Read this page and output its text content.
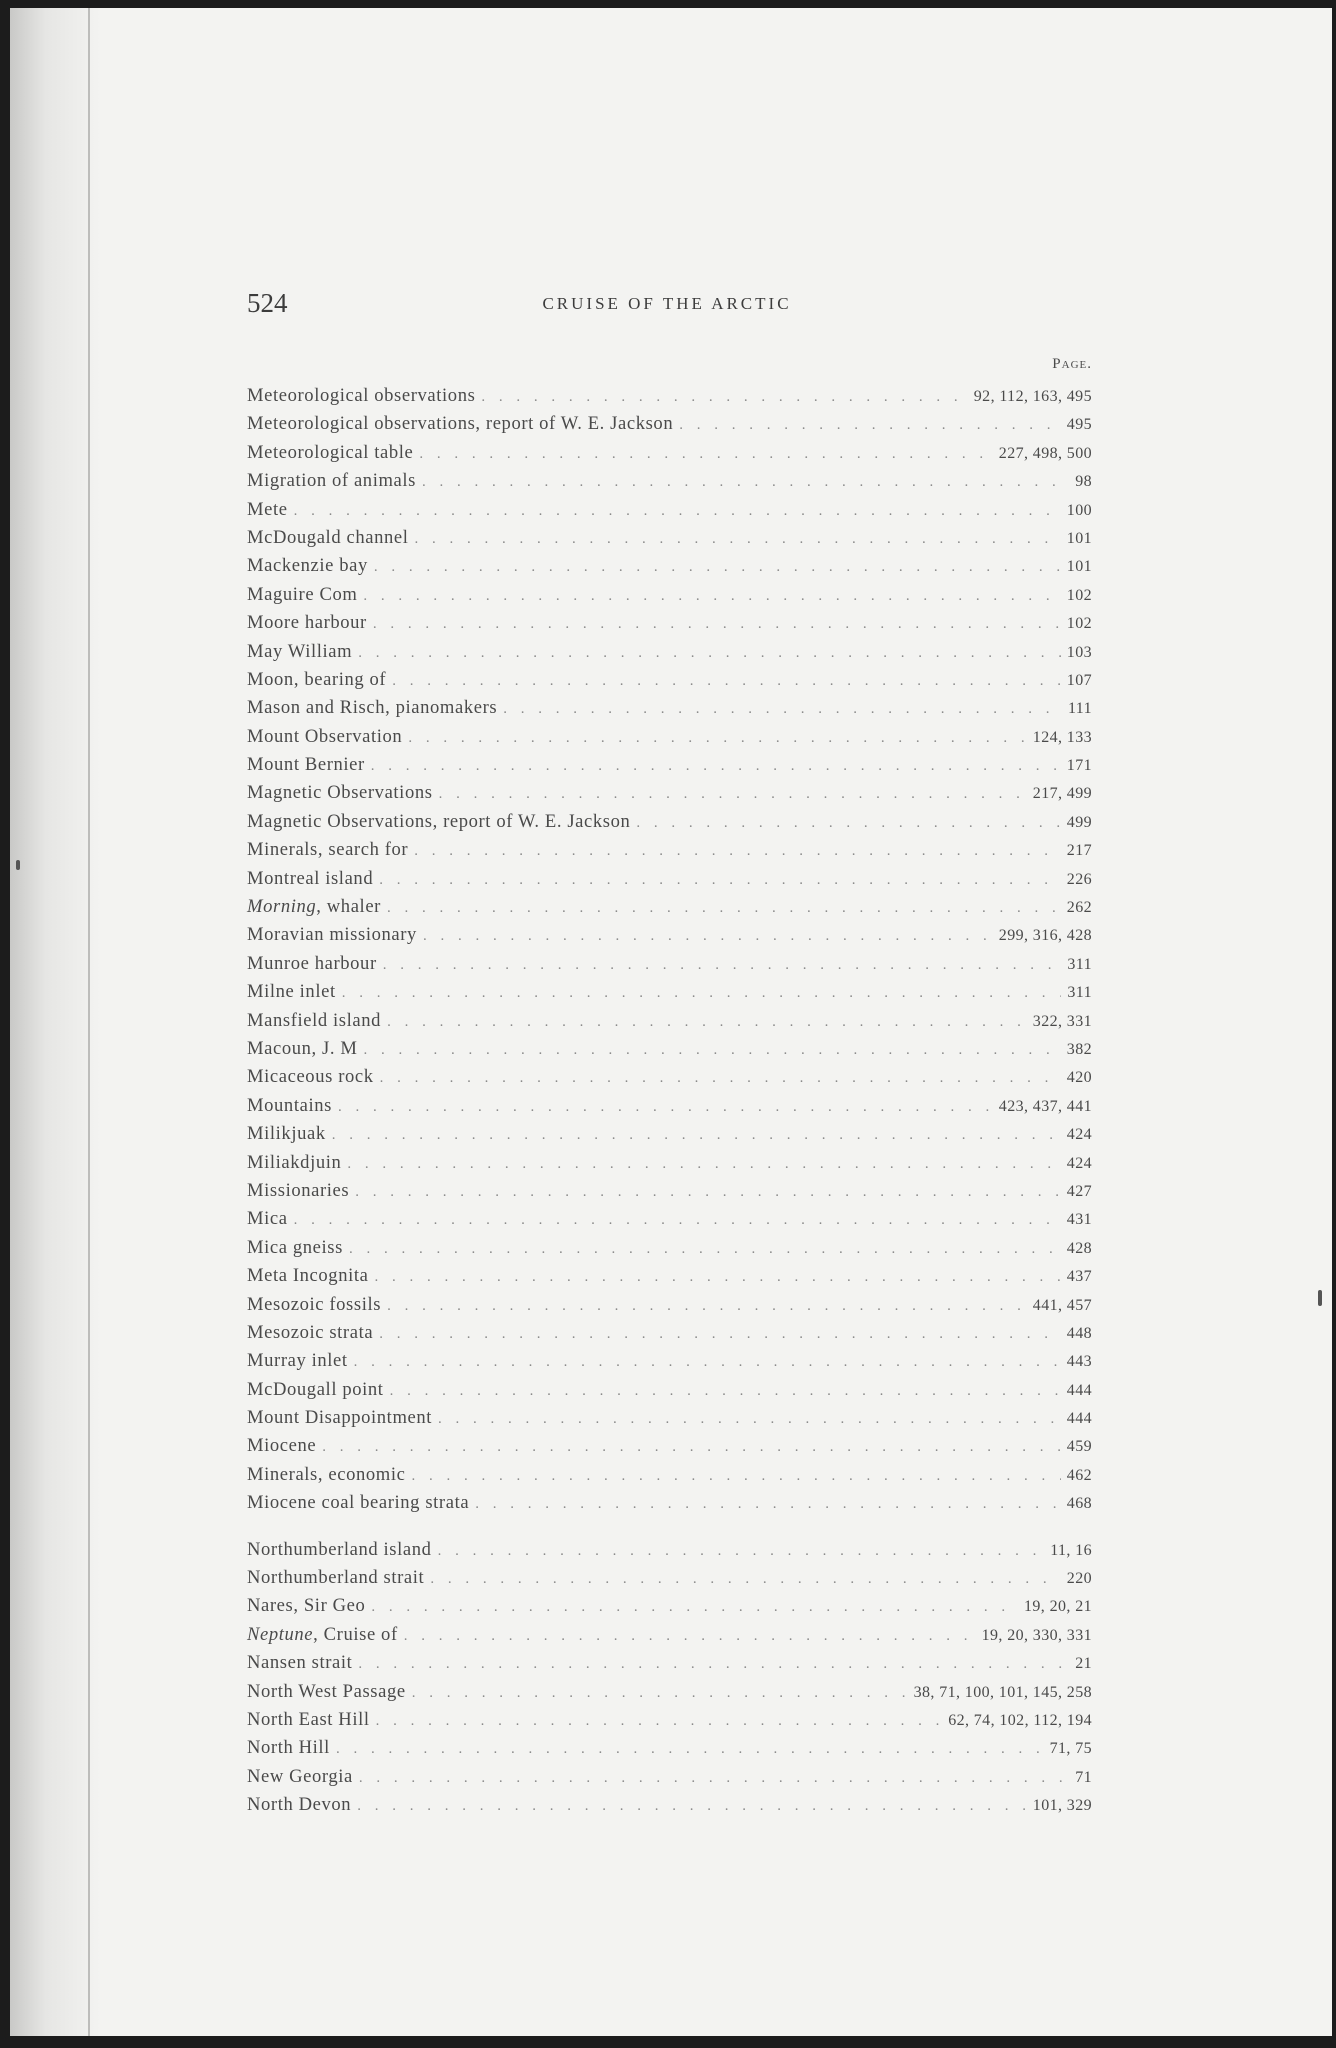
524	CRUISE OF THE ARCTIC
Page.
Meteorological observations . . .	92, 112, 163, 495
Meteorological observations, report of W. E. Jackson . . .	495
Meteorological table . . .	227, 498, 500
Migration of animals . . .	98
Mete . . .	100
McDougald channel . . .	101
Mackenzie bay . . .	101
Maguire Com . . .	102
Moore harbour . . .	102
May William . . .	103
Moon, bearing of . . .	107
Mason and Risch, pianomakers . . .	111
Mount Observation . . .	124, 133
Mount Bernier . . .	171
Magnetic Observations . . .	217, 499
Magnetic Observations, report of W. E. Jackson . . .	499
Minerals, search for . . .	217
Montreal island . . .	226
Morning, whaler . . .	262
Moravian missionary . . .	299, 316, 428
Munroe harbour . . .	311
Milne inlet . . .	311
Mansfield island . . .	322, 331
Macoun, J. M . . .	382
Micaceous rock . . .	420
Mountains . . .	423, 437, 441
Milikjuak . . .	424
Miliakdjuin . . .	424
Missionaries . . .	427
Mica . . .	431
Mica gneiss . . .	428
Meta Incognita . . .	437
Mesozoic fossils . . .	441, 457
Mesozoic strata . . .	448
Murray inlet . . .	443
McDougall point . . .	444
Mount Disappointment . . .	444
Miocene . . .	459
Minerals, economic . . .	462
Miocene coal bearing strata . . .	468
Northumberland island . . .	11, 16
Northumberland strait . . .	220
Nares, Sir Geo . . .	19, 20, 21
Neptune, Cruise of . . .	19, 20, 330, 331
Nansen strait . . .	21
North West Passage . . .	38, 71, 100, 101, 145, 258
North East Hill . . .	62, 74, 102, 112, 194
North Hill . . .	71, 75
New Georgia . . .	71
North Devon . . .	101, 329
